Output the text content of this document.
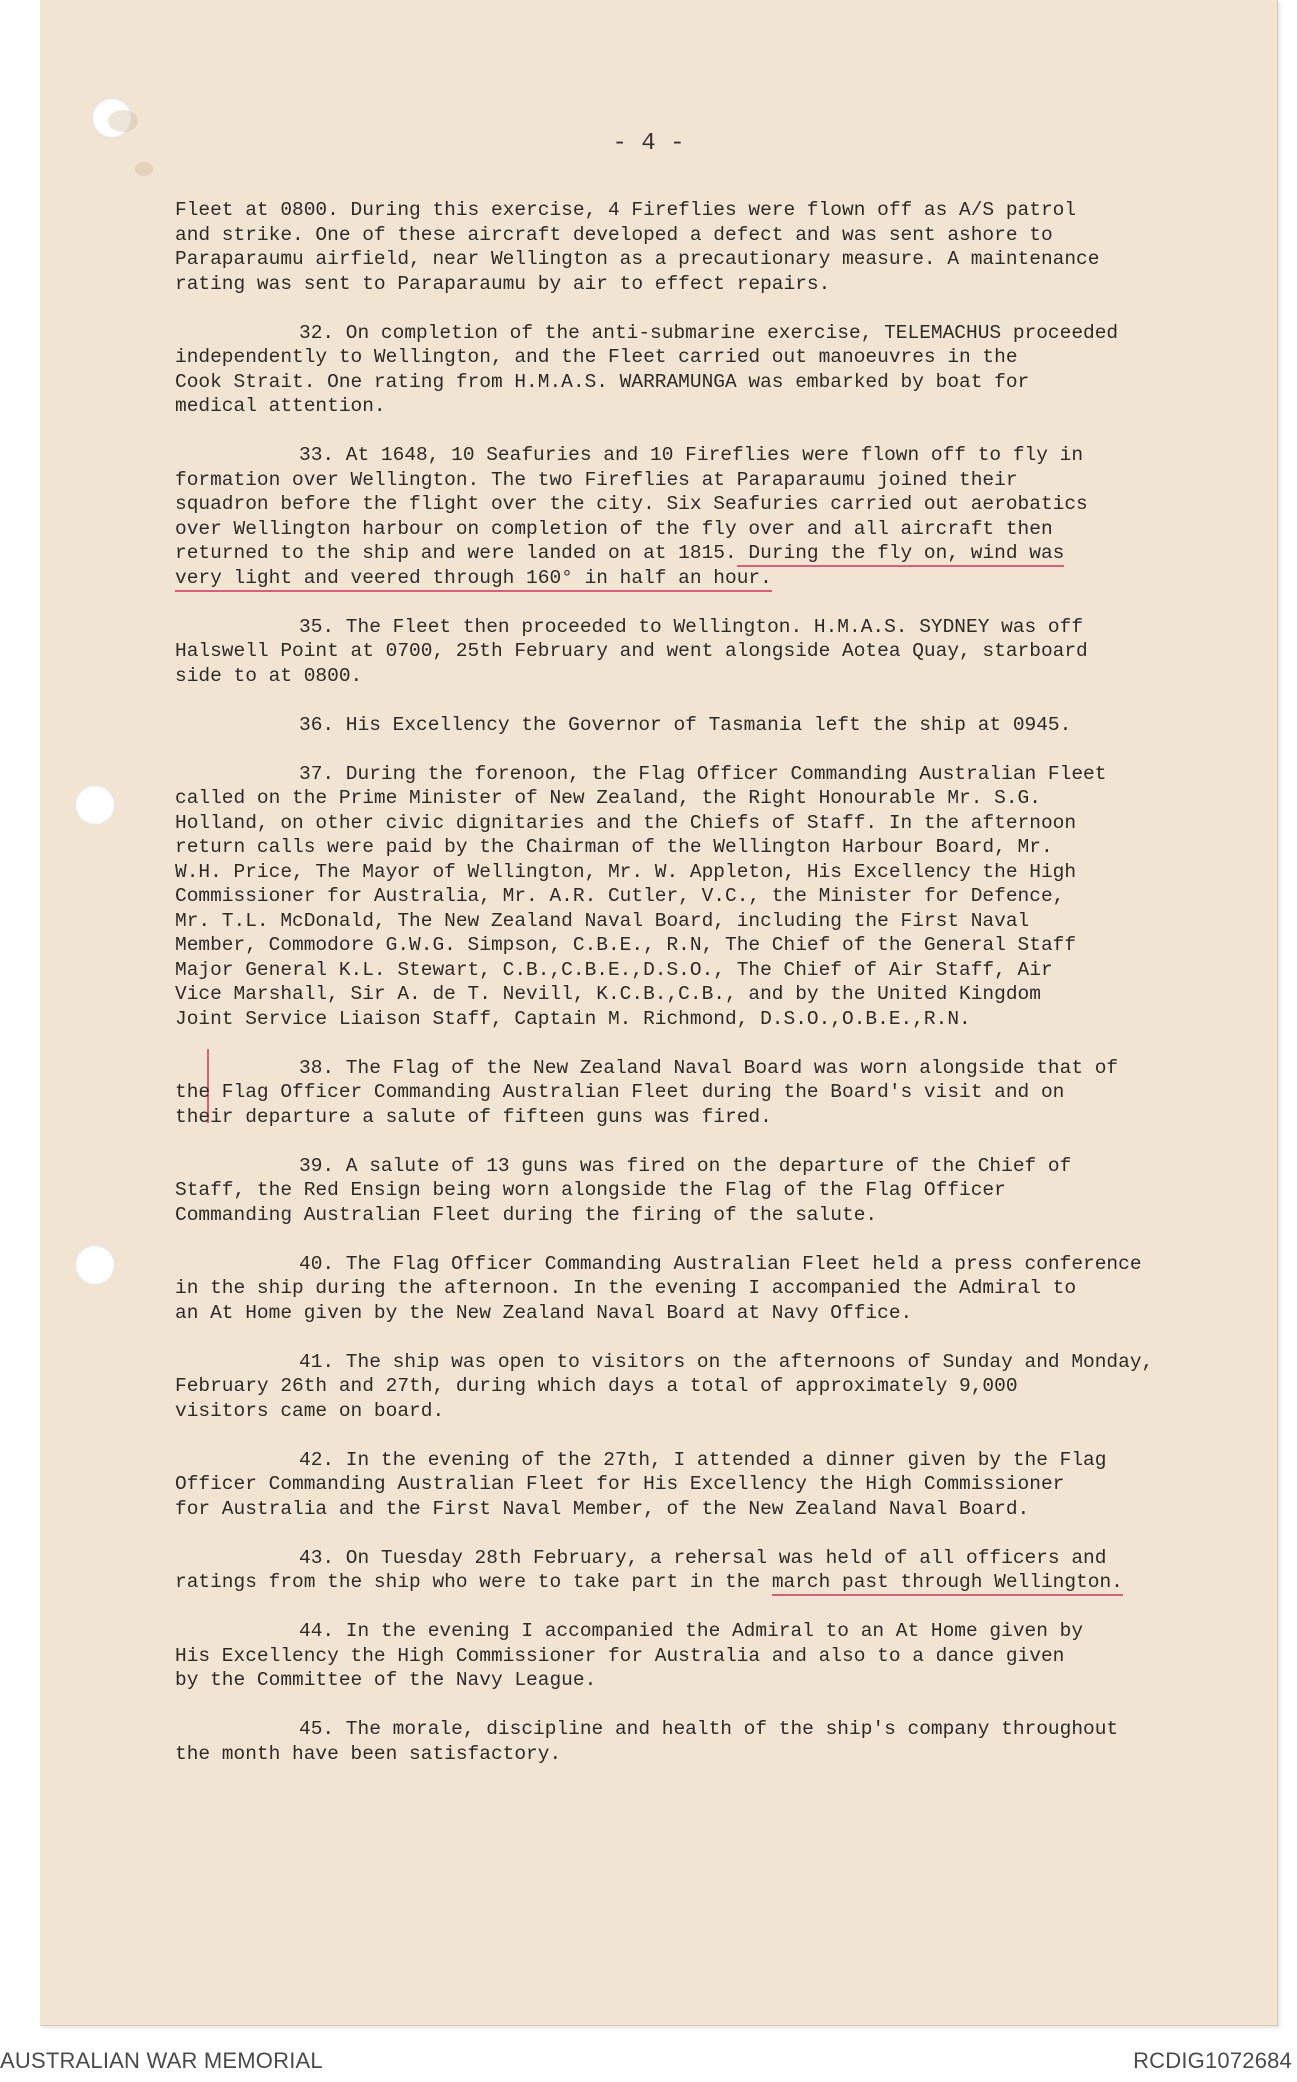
- 4 -
Fleet at 0800. During this exercise, 4 Fireflies were flown off as A/S patrol
and strike. One of these aircraft developed a defect and was sent ashore to
Paraparaumu airfield, near Wellington as a precautionary measure. A maintenance
rating was sent to Paraparaumu by air to effect repairs.
32. On completion of the anti-submarine exercise, TELEMACHUS proceeded
independently to Wellington, and the Fleet carried out manoeuvres in the
Cook Strait. One rating from H.M.A.S. WARRAMUNGA was embarked by boat for
medical attention.
33. At 1648, 10 Seafuries and 10 Fireflies were flown off to fly in
formation over Wellington. The two Fireflies at Paraparaumu joined their
squadron before the flight over the city. Six Seafuries carried out aerobatics
over Wellington harbour on completion of the fly over and all aircraft then
returned to the ship and were landed on at 1815. During the fly on, wind was
very light and veered through 160° in half an hour.
35. The Fleet then proceeded to Wellington. H.M.A.S. SYDNEY was off
Halswell Point at 0700, 25th February and went alongside Aotea Quay, starboard
side to at 0800.
36. His Excellency the Governor of Tasmania left the ship at 0945.
37. During the forenoon, the Flag Officer Commanding Australian Fleet
called on the Prime Minister of New Zealand, the Right Honourable Mr. S.G.
Holland, on other civic dignitaries and the Chiefs of Staff. In the afternoon
return calls were paid by the Chairman of the Wellington Harbour Board, Mr.
W.H. Price, The Mayor of Wellington, Mr. W. Appleton, His Excellency the High
Commissioner for Australia, Mr. A.R. Cutler, V.C., the Minister for Defence,
Mr. T.L. McDonald, The New Zealand Naval Board, including the First Naval
Member, Commodore G.W.G. Simpson, C.B.E., R.N, The Chief of the General Staff
Major General K.L. Stewart, C.B.,C.B.E.,D.S.O., The Chief of Air Staff, Air
Vice Marshall, Sir A. de T. Nevill, K.C.B.,C.B., and by the United Kingdom
Joint Service Liaison Staff, Captain M. Richmond, D.S.O.,O.B.E.,R.N.
38. The Flag of the New Zealand Naval Board was worn alongside that of
the Flag Officer Commanding Australian Fleet during the Board's visit and on
their departure a salute of fifteen guns was fired.
39. A salute of 13 guns was fired on the departure of the Chief of
Staff, the Red Ensign being worn alongside the Flag of the Flag Officer
Commanding Australian Fleet during the firing of the salute.
40. The Flag Officer Commanding Australian Fleet held a press conference
in the ship during the afternoon. In the evening I accompanied the Admiral to
an At Home given by the New Zealand Naval Board at Navy Office.
41. The ship was open to visitors on the afternoons of Sunday and Monday,
February 26th and 27th, during which days a total of approximately 9,000
visitors came on board.
42. In the evening of the 27th, I attended a dinner given by the Flag
Officer Commanding Australian Fleet for His Excellency the High Commissioner
for Australia and the First Naval Member, of the New Zealand Naval Board.
43. On Tuesday 28th February, a rehersal was held of all officers and
ratings from the ship who were to take part in the march past through Wellington.
44. In the evening I accompanied the Admiral to an At Home given by
His Excellency the High Commissioner for Australia and also to a dance given
by the Committee of the Navy League.
45. The morale, discipline and health of the ship's company throughout
the month have been satisfactory.
AUSTRALIAN WAR MEMORIAL	RCDIG1072684
